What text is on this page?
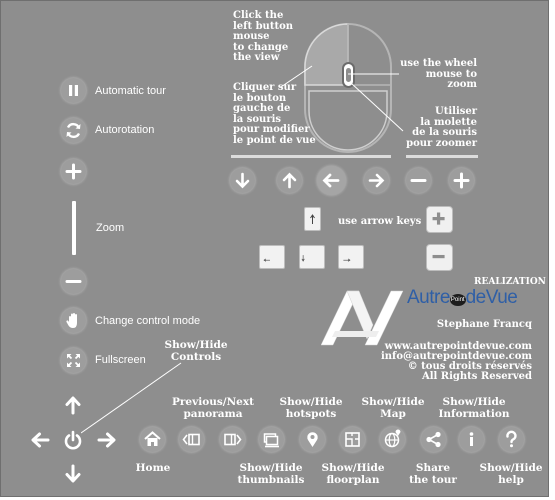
Click the
left button
mouse
to change
the view
Cliquer sur
le bouton
gauche de
la souris
pour modifier
le point de vue
use the wheel
mouse to
zoom
Utiliser
la molette
de la souris
pour zoomer
use arrow keys
Automatic tour
Autorotation
Zoom
Change control mode
Fullscreen
REALIZATION
AutrePointdeVue
Stephane Francq
www.autrepointdevue.com
info@autrepointdevue.com
© tous droits réservés
All Rights Reserved
Show/Hide
Controls
Previous/Next
panorama
Show/Hide
hotspots
Show/Hide
Map
Show/Hide
Information
Home	Show/Hide
thumbnails
Show/Hide
floorplan
Share
the tour
Show/Hide
help
